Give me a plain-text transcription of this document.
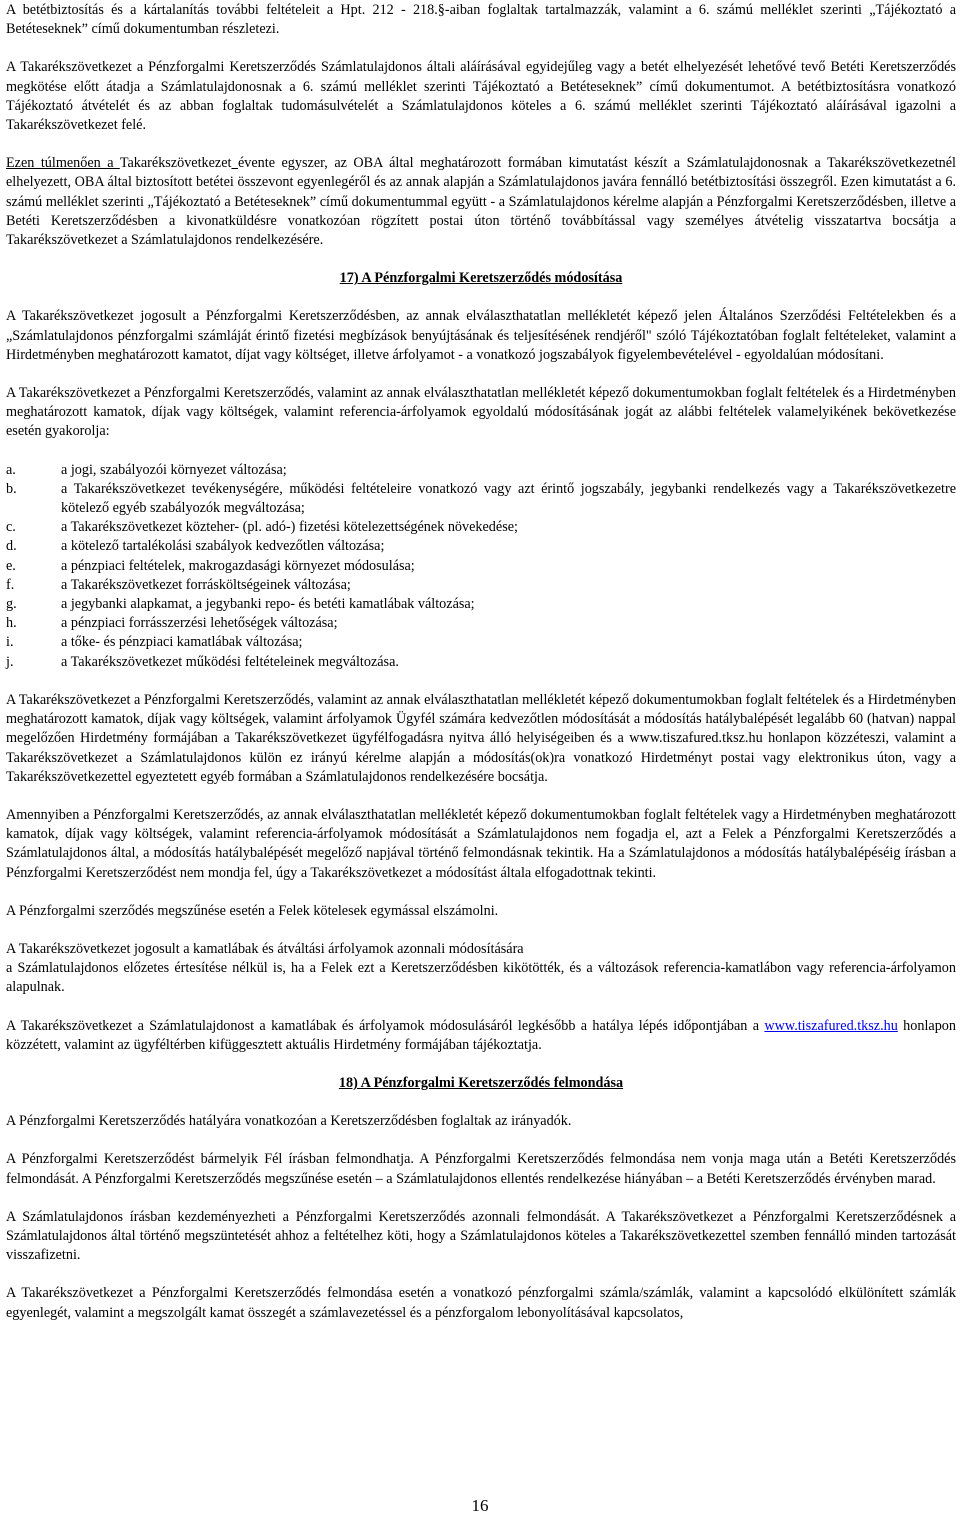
A betétbiztosítás és a kártalanítás további feltételeit a Hpt. 212 - 218.§-aiban foglaltak tartalmazzák, valamint a 6. számú melléklet szerinti „Tájékoztató a Betéteseknek” című dokumentumban részletezi.

A Takarékszövetkezet a Pénzforgalmi Keretszerződés Számlatulajdonos általi aláírásával egyidejűleg vagy a betét elhelyezését lehetővé tevő Betéti Keretszerződés megkötése előtt átadja a Számlatulajdonosnak a 6. számú melléklet szerinti Tájékoztató a Betéteseknek” című dokumentumot. A betétbiztosításra vonatkozó Tájékoztató átvételét és az abban foglaltak tudomásulvételét a Számlatulajdonos köteles a 6. számú melléklet szerinti Tájékoztató aláírásával igazolni a Takarékszövetkezet felé.

Ezen túlmenően a Takarékszövetkezet évente egyszer, az OBA által meghatározott formában kimutatást készít a Számlatulajdonosnak a Takarékszövetkezetnél elhelyezett, OBA által biztosított betétei összevont egyenlegéről és az annak alapján a Számlatulajdonos javára fennálló betétbiztosítási összegről. Ezen kimutatást a 6. számú melléklet szerinti „Tájékoztató a Betéteseknek” című dokumentummal együtt - a Számlatulajdonos kérelme alapján a Pénzforgalmi Keretszerződésben, illetve a Betéti Keretszerződésben a kivonatküldésre vonatkozóan rögzített postai úton történő továbbítással vagy személyes átvételig visszatartva bocsátja a Takarékszövetkezet a Számlatulajdonos rendelkezésére.

17) A Pénzforgalmi Keretszerződés módosítása

A Takarékszövetkezet jogosult a Pénzforgalmi Keretszerződésben, az annak elválaszthatatlan mellékletét képező jelen Általános Szerződési Feltételekben és a „Számlatulajdonos pénzforgalmi számláját érintő fizetési megbízások benyújtásának és teljesítésének rendjéről" szóló Tájékoztatóban foglalt feltételeket, valamint a Hirdetményben meghatározott kamatot, díjat vagy költséget, illetve árfolyamot - a vonatkozó jogszabályok figyelembevételével - egyoldalúan módosítani.

A Takarékszövetkezet a Pénzforgalmi Keretszerződés, valamint az annak elválaszthatatlan mellékletét képező dokumentumokban foglalt feltételek és a Hirdetményben meghatározott kamatok, díjak vagy költségek, valamint referencia-árfolyamok egyoldalú módosításának jogát az alábbi feltételek valamelyikének bekövetkezése esetén gyakorolja:

a.	a jogi, szabályozói környezet változása;
b.	a Takarékszövetkezet tevékenységére, működési feltételeire vonatkozó vagy azt érintő jogszabály, jegybanki rendelkezés vagy a Takarékszövetkezetre kötelező egyéb szabályozók megváltozása;
c.	a Takarékszövetkezet közteher- (pl. adó-) fizetési kötelezettségének növekedése;
d.	a kötelező tartalékolási szabályok kedvezőtlen változása;
e.	a pénzpiaci feltételek, makrogazdasági környezet módosulása;
f.	a Takarékszövetkezet forrásköltségeinek változása;
g.	a jegybanki alapkamat, a jegybanki repo- és betéti kamatlábak változása;
h.	a pénzpiaci forrásszerzési lehetőségek változása;
i.	a tőke- és pénzpiaci kamatlábak változása;
j.	a Takarékszövetkezet működési feltételeinek megváltozása.

A Takarékszövetkezet a Pénzforgalmi Keretszerződés, valamint az annak elválaszthatatlan mellékletét képező dokumentumokban foglalt feltételek és a Hirdetményben meghatározott kamatok, díjak vagy költségek, valamint árfolyamok Ügyfél számára kedvezőtlen módosítását a módosítás hatálybalépését legalább 60 (hatvan) nappal megelőzően Hirdetmény formájában a Takarékszövetkezet ügyfélfogadásra nyitva álló helyiségeiben és a www.tiszafured.tksz.hu honlapon közzéteszi, valamint a Takarékszövetkezet a Számlatulajdonos külön ez irányú kérelme alapján a módosítás(ok)ra vonatkozó Hirdetményt postai vagy elektronikus úton, vagy a Takarékszövetkezettel egyeztetett egyéb formában a Számlatulajdonos rendelkezésére bocsátja.

Amennyiben a Pénzforgalmi Keretszerződés, az annak elválaszthatatlan mellékletét képező dokumentumokban foglalt feltételek vagy a Hirdetményben meghatározott kamatok, díjak vagy költségek, valamint referencia-árfolyamok módosítását a Számlatulajdonos nem fogadja el, azt a Felek a Pénzforgalmi Keretszerződés a Számlatulajdonos által, a módosítás hatálybalépését megelőző napjával történő felmondásnak tekintik. Ha a Számlatulajdonos a módosítás hatálybalépéséig írásban a Pénzforgalmi Keretszerződést nem mondja fel, úgy a Takarékszövetkezet a módosítást általa elfogadottnak tekinti.

A Pénzforgalmi szerződés megszűnése esetén a Felek kötelesek egymással elszámolni.

A Takarékszövetkezet jogosult a kamatlábak és átváltási árfolyamok azonnali módosítására

a Számlatulajdonos előzetes értesítése nélkül is, ha a Felek ezt a Keretszerződésben kikötötték, és a változások referencia-kamatlábon vagy referencia-árfolyamon alapulnak.

A Takarékszövetkezet a Számlatulajdonost a kamatlábak és árfolyamok módosulásáról legkésőbb a hatálya lépés időpontjában a www.tiszafured.tksz.hu honlapon közzétett, valamint az ügyféltérben kifüggesztett aktuális Hirdetmény formájában tájékoztatja.

18) A Pénzforgalmi Keretszerződés felmondása

A Pénzforgalmi Keretszerződés hatályára vonatkozóan a Keretszerződésben foglaltak az irányadók.

A Pénzforgalmi Keretszerződést bármelyik Fél írásban felmondhatja. A Pénzforgalmi Keretszerződés felmondása nem vonja maga után a Betéti Keretszerződés felmondását. A Pénzforgalmi Keretszerződés megszűnése esetén – a Számlatulajdonos ellentés rendelkezése hiányában – a Betéti Keretszerződés érvényben marad.

A Számlatulajdonos írásban kezdeményezheti a Pénzforgalmi Keretszerződés azonnali felmondását. A Takarékszövetkezet a Pénzforgalmi Keretszerződésnek a Számlatulajdonos által történő megszüntetését ahhoz a feltételhez köti, hogy a Számlatulajdonos köteles a Takarékszövetkezettel szemben fennálló minden tartozását visszafizetni.

A Takarékszövetkezet a Pénzforgalmi Keretszerződés felmondása esetén a vonatkozó pénzforgalmi számla/számlák, valamint a kapcsolódó elkülönített számlák egyenlegét, valamint a megszolgált kamat összegét a számlavezetéssel és a pénzforgalom lebonyolításával kapcsolatos,

16
